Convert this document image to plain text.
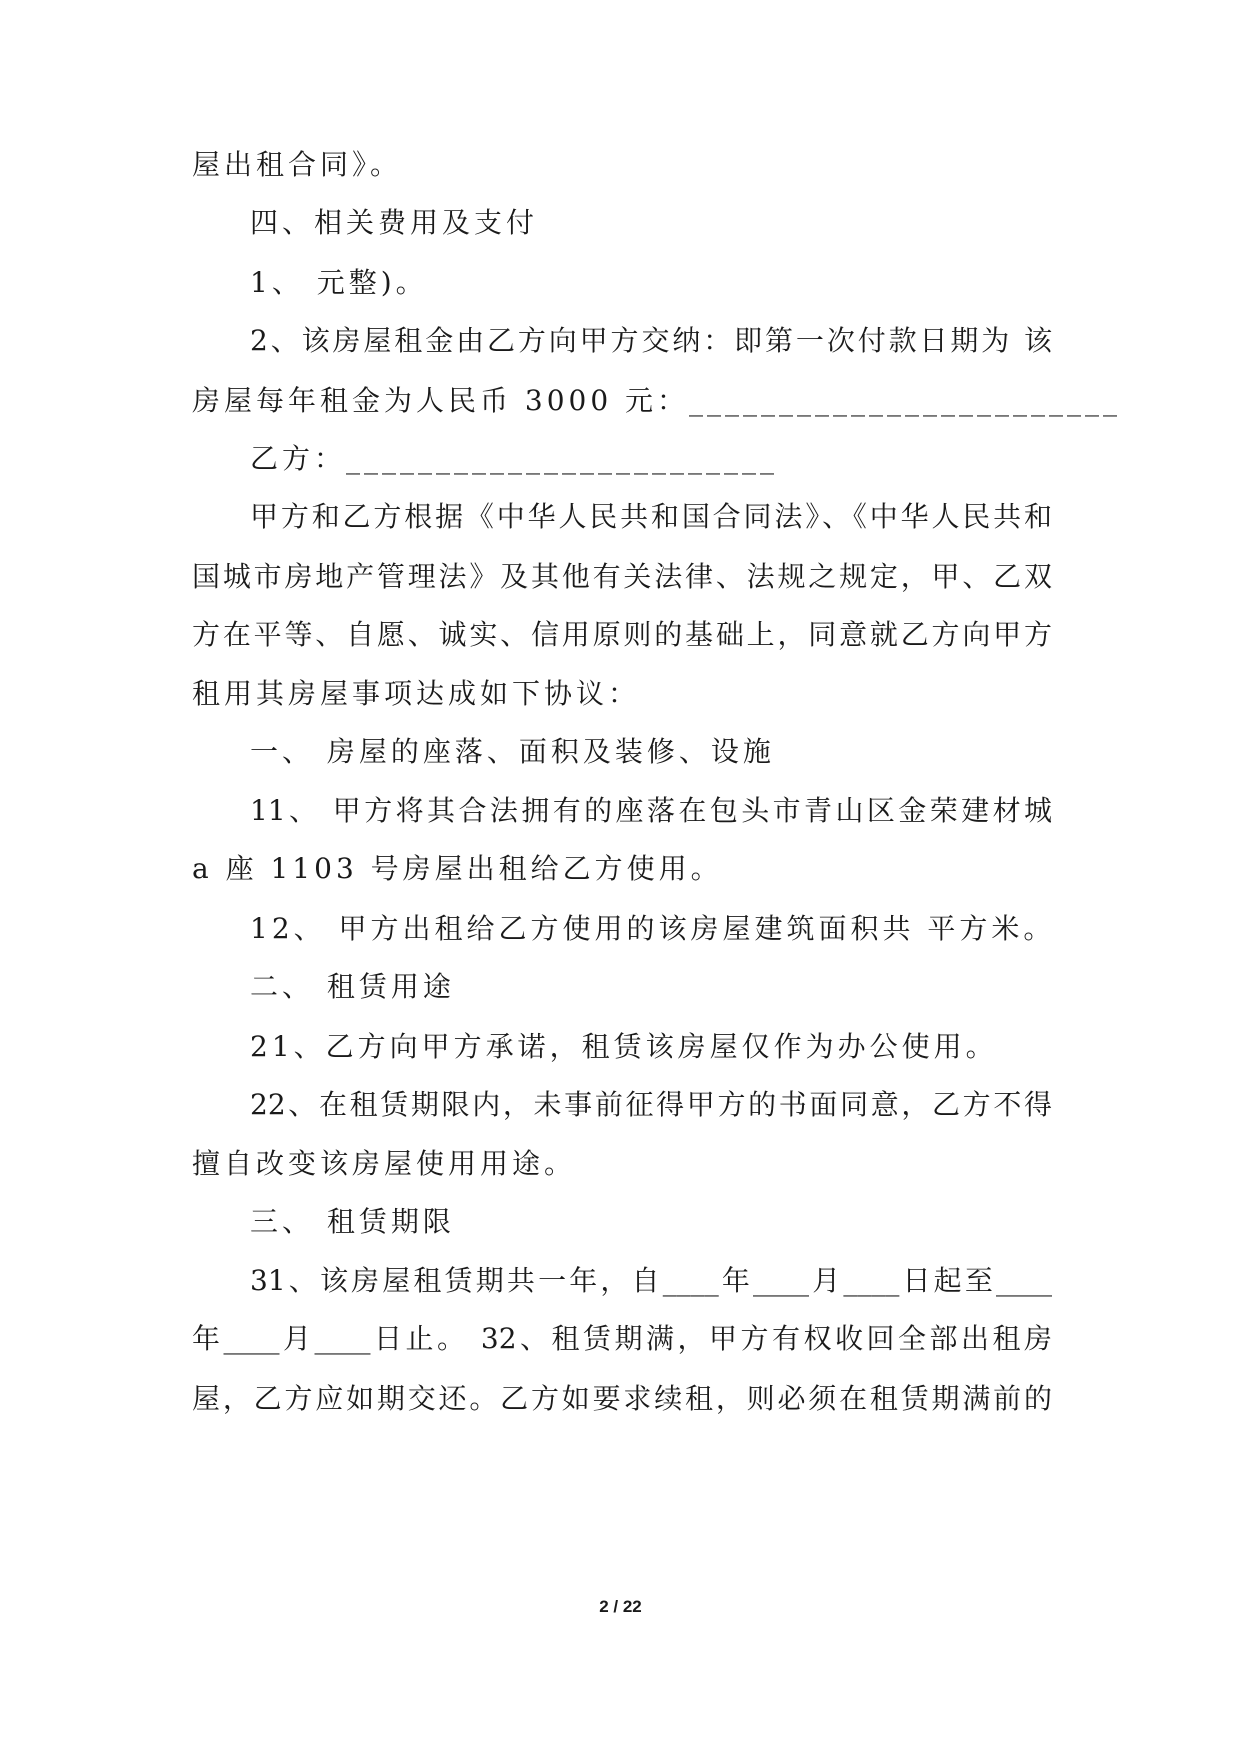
屋出租合同》。
四、相关费用及支付
1、 元整)。
2、该房屋租金由乙方向甲方交纳：即第一次付款日期为 该
房屋每年租金为人民币 3000 元：________________________
乙方：________________________
甲方和乙方根据《中华人民共和国合同法》、《中华人民共和
国城市房地产管理法》及其他有关法律、法规之规定，甲、乙双
方在平等、自愿、诚实、信用原则的基础上，同意就乙方向甲方
租用其房屋事项达成如下协议：
一、 房屋的座落、面积及装修、设施
11、 甲方将其合法拥有的座落在包头市青山区金荣建材城
a 座 1103 号房屋出租给乙方使用。
12、 甲方出租给乙方使用的该房屋建筑面积共 平方米。
二、 租赁用途
21、乙方向甲方承诺，租赁该房屋仅作为办公使用。
22、在租赁期限内，未事前征得甲方的书面同意，乙方不得
擅自改变该房屋使用用途。
三、 租赁期限
31、该房屋租赁期共一年，自____年____月____日起至____
年____月____日止。 32、租赁期满，甲方有权收回全部出租房
屋，乙方应如期交还。乙方如要求续租，则必须在租赁期满前的
2 / 22
